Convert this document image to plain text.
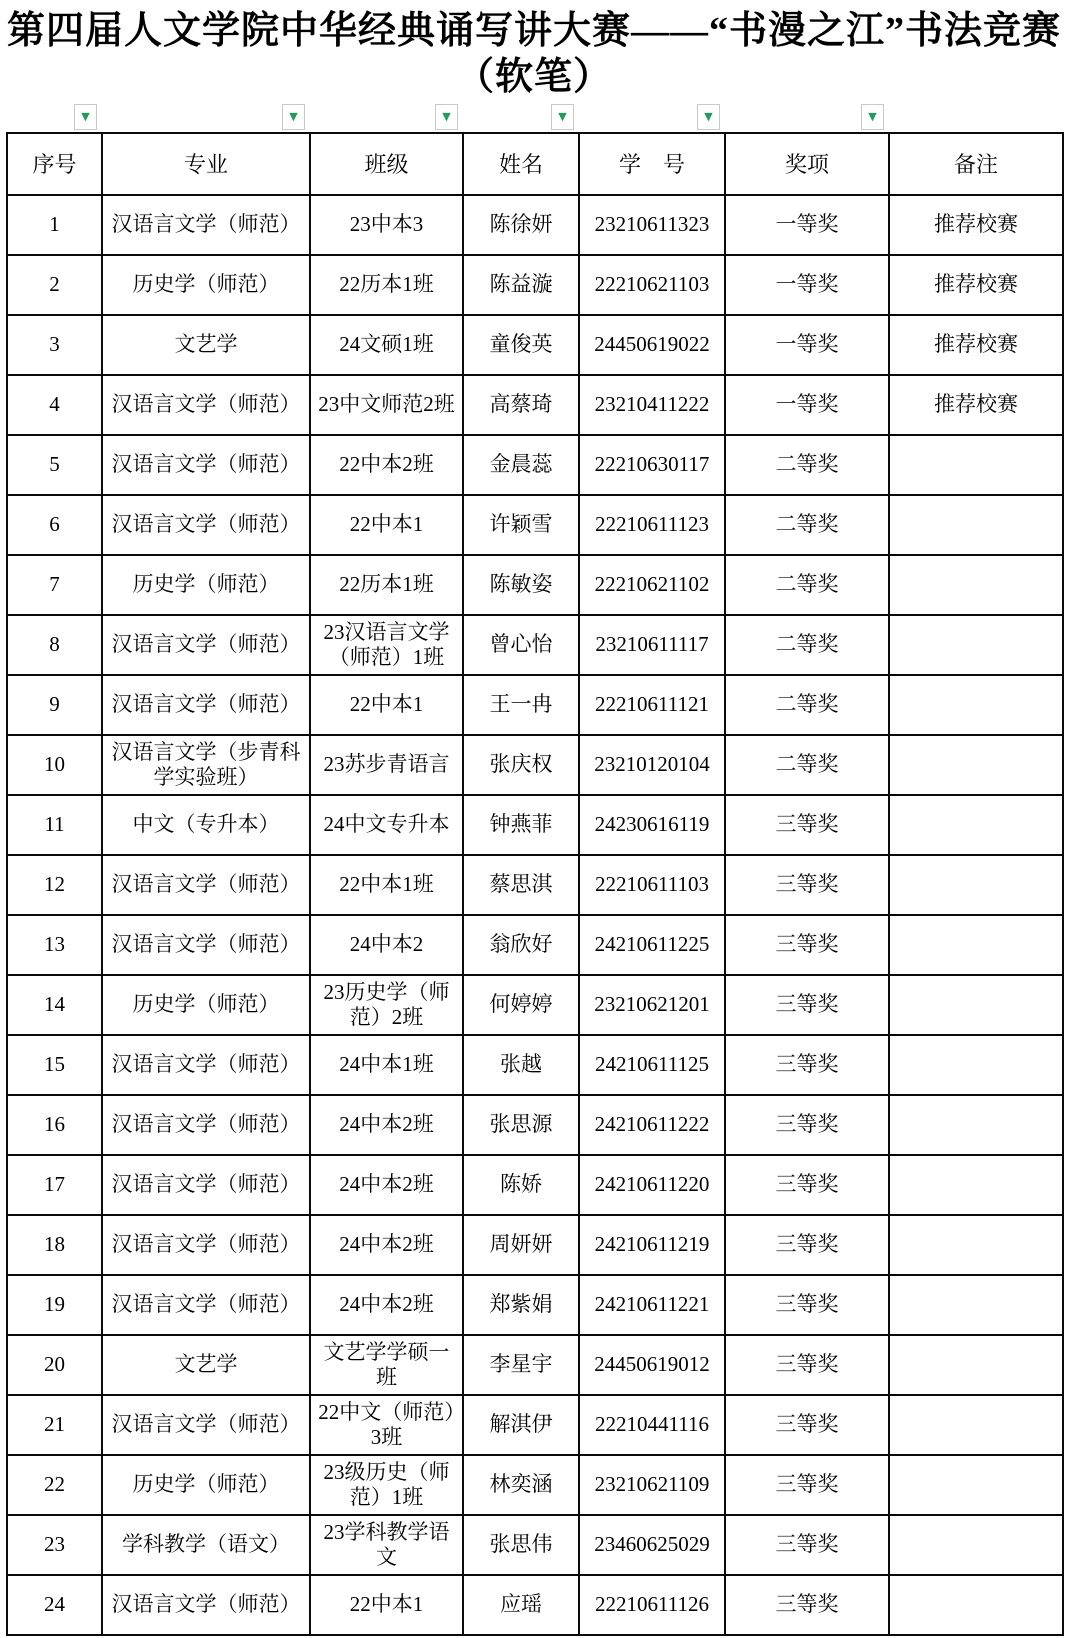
第四届人文学院中华经典诵写讲大赛——“书漫之江”书法竞赛
（软笔）
▼	▼	▼	▼	▼	▼
序号	专业	班级	姓名	学　号	奖项	备注
1	汉语言文学（师范）	23中本3	陈徐妍	23210611323	一等奖	推荐校赛
2	历史学（师范）	22历本1班	陈益漩	22210621103	一等奖	推荐校赛
3	文艺学	24文硕1班	童俊英	24450619022	一等奖	推荐校赛
4	汉语言文学（师范）	23中文师范2班	高蔡琦	23210411222	一等奖	推荐校赛
5	汉语言文学（师范）	22中本2班	金晨蕊	22210630117	二等奖	
6	汉语言文学（师范）	22中本1	许颖雪	22210611123	二等奖	
7	历史学（师范）	22历本1班	陈敏姿	22210621102	二等奖	
8	汉语言文学（师范）	23汉语言文学（师范）1班	曾心怡	23210611117	二等奖	
9	汉语言文学（师范）	22中本1	王一冉	22210611121	二等奖	
10	汉语言文学（步青科学实验班）	23苏步青语言	张庆权	23210120104	二等奖	
11	中文（专升本）	24中文专升本	钟燕菲	24230616119	三等奖	
12	汉语言文学（师范）	22中本1班	蔡思淇	22210611103	三等奖	
13	汉语言文学（师范）	24中本2	翁欣好	24210611225	三等奖	
14	历史学（师范）	23历史学（师范）2班	何婷婷	23210621201	三等奖	
15	汉语言文学（师范）	24中本1班	张越	24210611125	三等奖	
16	汉语言文学（师范）	24中本2班	张思源	24210611222	三等奖	
17	汉语言文学（师范）	24中本2班	陈娇	24210611220	三等奖	
18	汉语言文学（师范）	24中本2班	周妍妍	24210611219	三等奖	
19	汉语言文学（师范）	24中本2班	郑紫娟	24210611221	三等奖	
20	文艺学	文艺学学硕一班	李星宇	24450619012	三等奖	
21	汉语言文学（师范）	22中文（师范）3班	解淇伊	22210441116	三等奖	
22	历史学（师范）	23级历史（师范）1班	林奕涵	23210621109	三等奖	
23	学科教学（语文）	23学科教学语文	张思伟	23460625029	三等奖	
24	汉语言文学（师范）	22中本1	应瑶	22210611126	三等奖	
